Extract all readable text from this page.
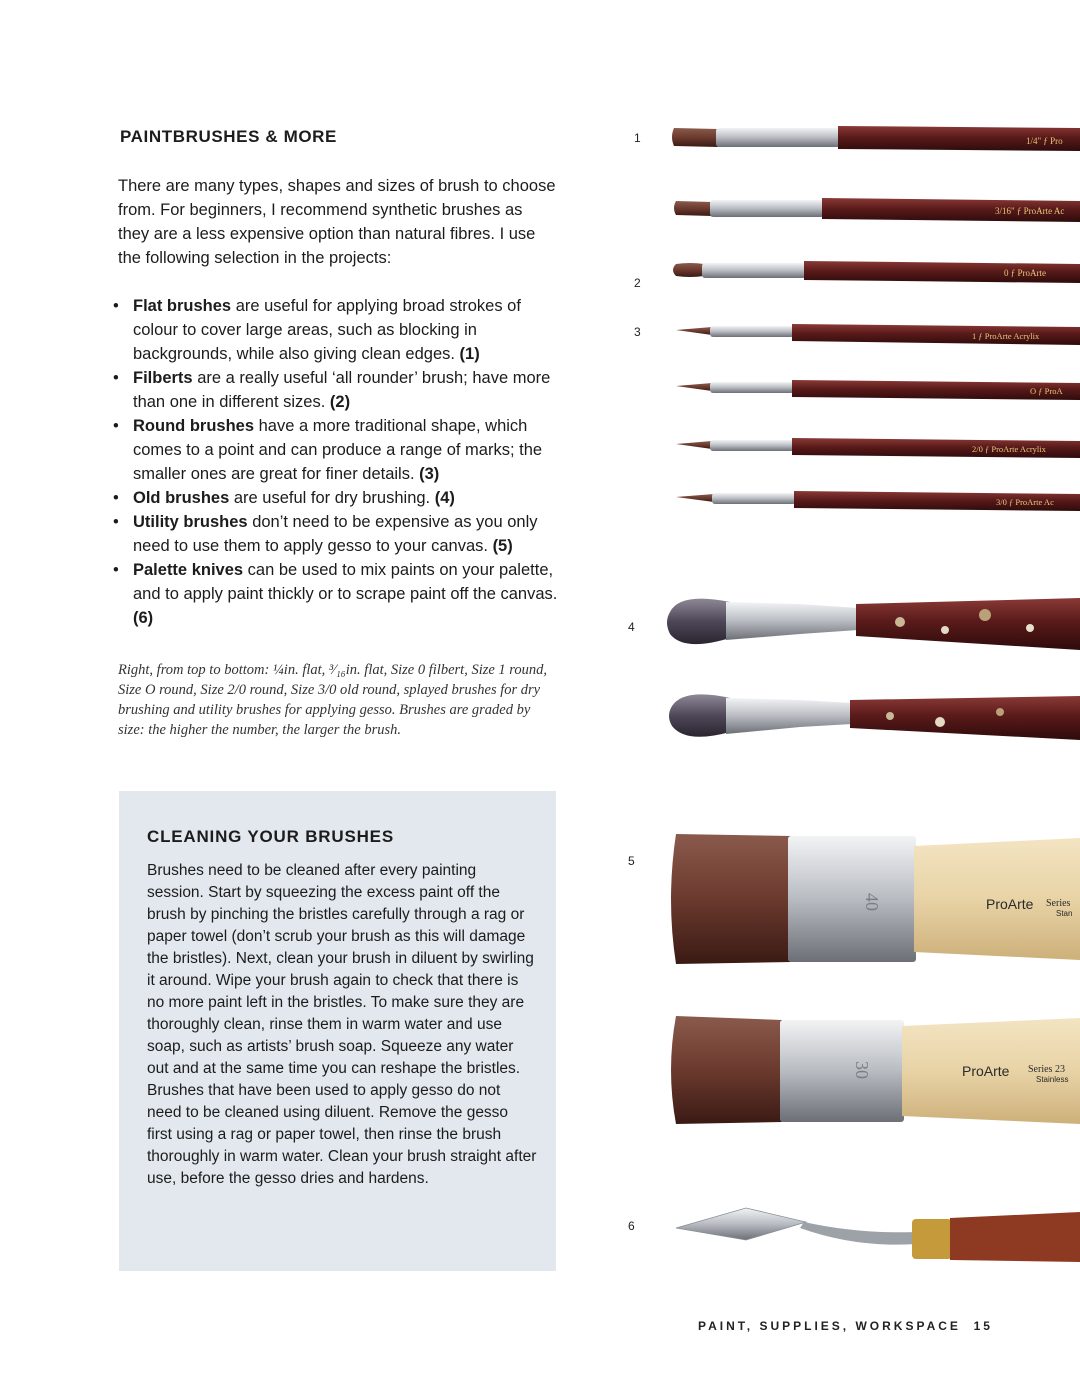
PAINTBRUSHES & MORE

There are many types, shapes and sizes of brush to choose from. For beginners, I recommend synthetic brushes as they are a less expensive option than natural fibres. I use the following selection in the projects:

• Flat brushes are useful for applying broad strokes of colour to cover large areas, such as blocking in backgrounds, while also giving clean edges. (1)
• Filberts are a really useful ‘all rounder’ brush; have more than one in different sizes. (2)
• Round brushes have a more traditional shape, which comes to a point and can produce a range of marks; the smaller ones are great for finer details. (3)
• Old brushes are useful for dry brushing. (4)
• Utility brushes don’t need to be expensive as you only need to use them to apply gesso to your canvas. (5)
• Palette knives can be used to mix paints on your palette, and to apply paint thickly or to scrape paint off the canvas. (6)

Right, from top to bottom: ¼in. flat, ³⁄₁₆in. flat, Size 0 filbert, Size 1 round, Size O round, Size 2/0 round, Size 3/0 old round, splayed brushes for dry brushing and utility brushes for applying gesso. Brushes are graded by size: the higher the number, the larger the brush.

CLEANING YOUR BRUSHES

Brushes need to be cleaned after every painting session. Start by squeezing the excess paint off the brush by pinching the bristles carefully through a rag or paper towel (don’t scrub your brush as this will damage the bristles). Next, clean your brush in diluent by swirling it around. Wipe your brush again to check that there is no more paint left in the bristles. To make sure they are thoroughly clean, rinse them in warm water and use soap, such as artists’ brush soap. Squeeze any water out and at the same time you can reshape the bristles. Brushes that have been used to apply gesso do not need to be cleaned using diluent. Remove the gesso first using a rag or paper towel, then rinse the brush thoroughly in warm water. Clean your brush straight after use, before the gesso dries and hardens.

1
2
3
4
5
6
1/4" ƒ Pro
3/16" ƒ ProArte Ac
0 ƒ ProArte
1 ƒ ProArte Acrylix
O ƒ ProA
2/0 ƒ ProArte Acrylix
3/0 ƒ ProArte Ac
40	ProArte Series
Stan
30	ProArte Series 23
Stainless
PAINT, SUPPLIES, WORKSPACE 15
